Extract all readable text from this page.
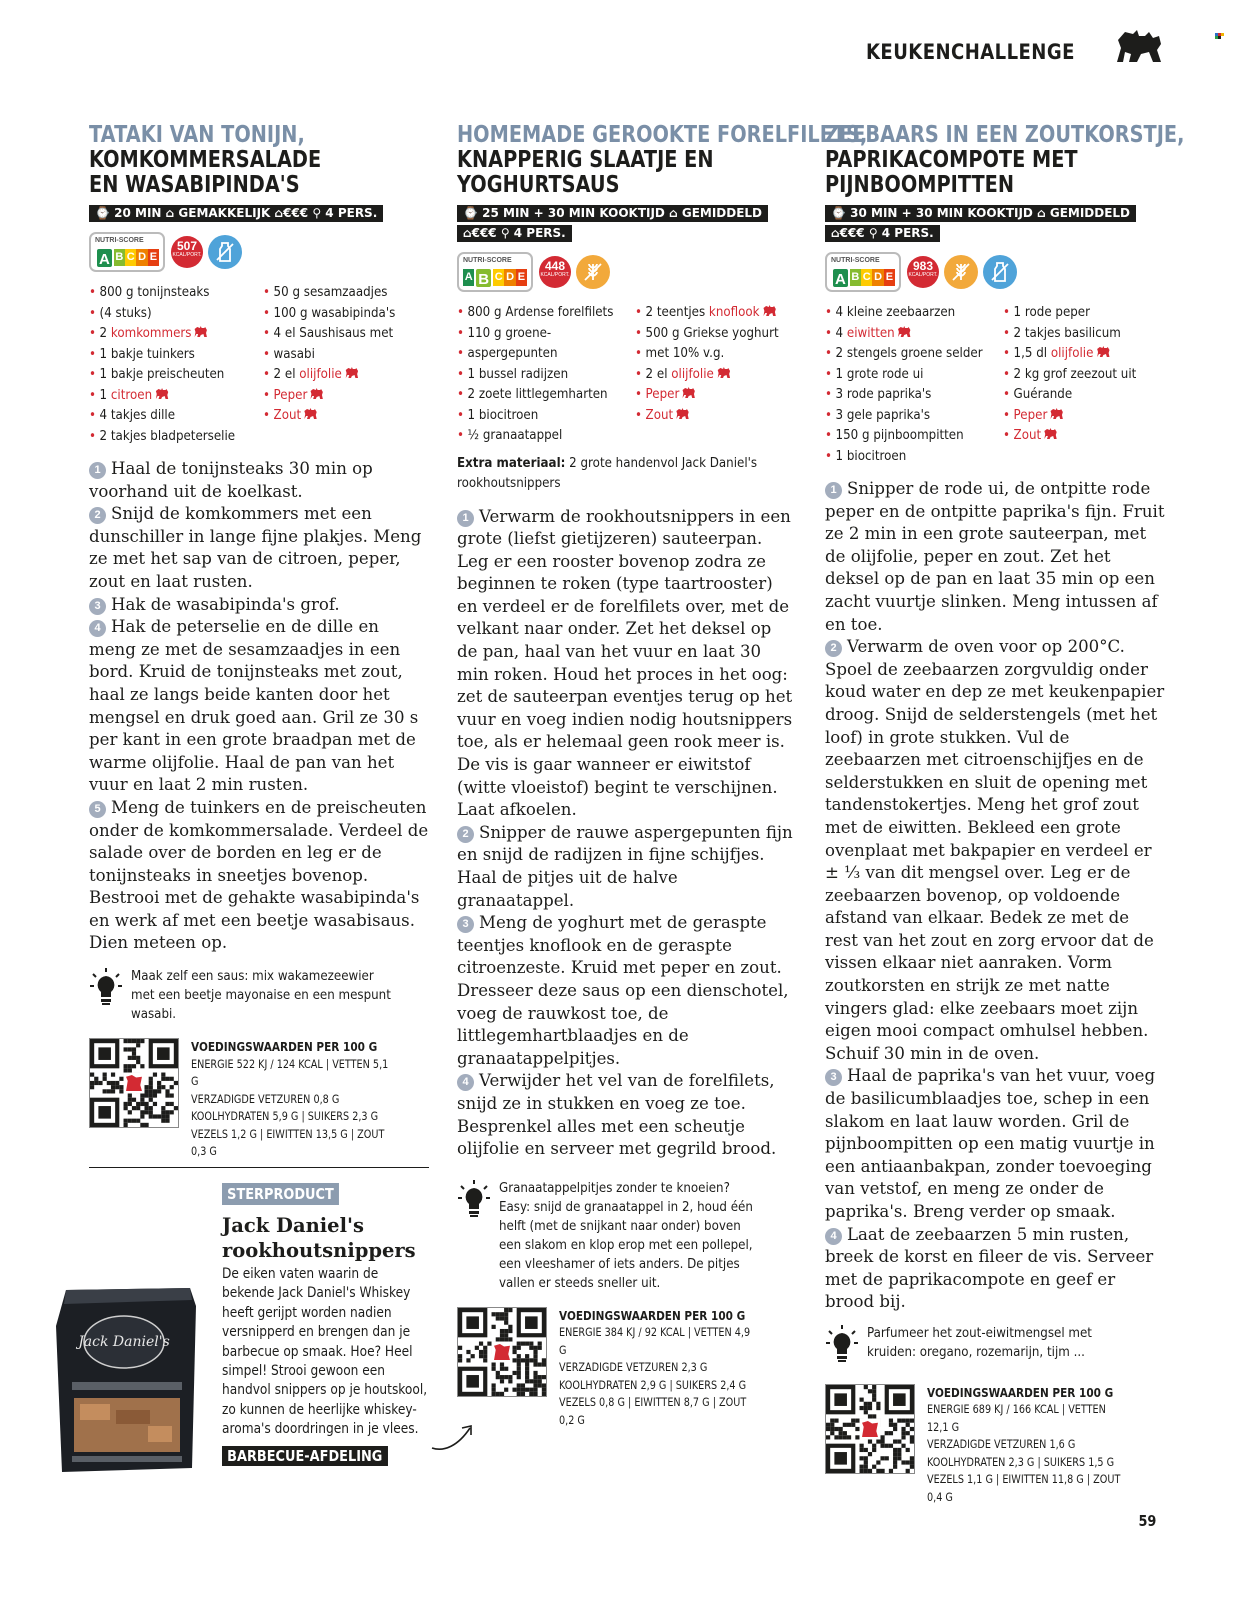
KEUKENCHALLENGE
TATAKI VAN TONIJN,
KOMKOMMERSALADE
EN WASABIPINDA'S
⌚ 20 MIN ⌂ GEMAKKELIJK ⌂€€€ ⚲ 4 PERS.
NUTRI-SCORE
A B C D E
507
KCAL/PORT.
• 800 g tonijnsteaks
• (4 stuks)
• 2 komkommers
• 1 bakje tuinkers
• 1 bakje preischeuten
• 1 citroen
• 4 takjes dille
• 2 takjes bladpeterselie
• 50 g sesamzaadjes
• 100 g wasabipinda's
• 4 el Saushisaus met
• wasabi
• 2 el olijfolie
• Peper
• Zout
1 Haal de tonijnsteaks 30 min op voorhand uit de koelkast.
2 Snijd de komkommers met een dunschiller in lange fijne plakjes. Meng ze met het sap van de citroen, peper, zout en laat rusten.
3 Hak de wasabipinda's grof.
4 Hak de peterselie en de dille en meng ze met de sesamzaadjes in een bord. Kruid de tonijnsteaks met zout, haal ze langs beide kanten door het mengsel en druk goed aan. Gril ze 30 s per kant in een grote braadpan met de warme olijfolie. Haal de pan van het vuur en laat 2 min rusten.
5 Meng de tuinkers en de preischeuten onder de komkommersalade. Verdeel de salade over de borden en leg er de tonijnsteaks in sneetjes bovenop. Bestrooi met de gehakte wasabipinda's en werk af met een beetje wasabisaus. Dien meteen op.
Maak zelf een saus: mix wakamezeewier met een beetje mayonaise en een mespunt wasabi.
VOEDINGSWAARDEN PER 100 G
ENERGIE 522 KJ / 124 KCAL | VETTEN 5,1 G
VERZADIGDE VETZUREN 0,8 G
KOOLHYDRATEN 5,9 G | SUIKERS 2,3 G
VEZELS 1,2 G | EIWITTEN 13,5 G | ZOUT 0,3 G
HOMEMADE GEROOKTE FORELFILETS,
KNAPPERIG SLAATJE EN
YOGHURTSAUS
⌚ 25 MIN + 30 MIN KOOKTIJD ⌂ GEMIDDELD
⌂€€€ ⚲ 4 PERS.
NUTRI-SCORE
A B C D E
448
KCAL/PORT.
• 800 g Ardense forelfilets
• 110 g groene-
• aspergepunten
• 1 bussel radijzen
• 2 zoete littlegemharten
• 1 biocitroen
• ½ granaatappel
• 2 teentjes knoflook
• 500 g Griekse yoghurt
• met 10% v.g.
• 2 el olijfolie
• Peper
• Zout
Extra materiaal: 2 grote handenvol Jack Daniel's rookhoutsnippers
1 Verwarm de rookhoutsnippers in een grote (liefst gietijzeren) sauteerpan. Leg er een rooster bovenop zodra ze beginnen te roken (type taartrooster) en verdeel er de forelfilets over, met de velkant naar onder. Zet het deksel op de pan, haal van het vuur en laat 30 min roken. Houd het proces in het oog: zet de sauteerpan eventjes terug op het vuur en voeg indien nodig houtsnippers toe, als er helemaal geen rook meer is. De vis is gaar wanneer er eiwitstof (witte vloeistof) begint te verschijnen. Laat afkoelen.
2 Snipper de rauwe aspergepunten fijn en snijd de radijzen in fijne schijfjes. Haal de pitjes uit de halve granaatappel.
3 Meng de yoghurt met de geraspte teentjes knoflook en de geraspte citroenzeste. Kruid met peper en zout. Dresseer deze saus op een dienschotel, voeg de rauwkost toe, de littlegemhartblaadjes en de granaatappelpitjes.
4 Verwijder het vel van de forelfilets, snijd ze in stukken en voeg ze toe. Besprenkel alles met een scheutje olijfolie en serveer met gegrild brood.
Granaatappelpitjes zonder te knoeien? Easy: snijd de granaatappel in 2, houd één helft (met de snijkant naar onder) boven een slakom en klop erop met een pollepel, een vleeshamer of iets anders. De pitjes vallen er steeds sneller uit.
VOEDINGSWAARDEN PER 100 G
ENERGIE 384 KJ / 92 KCAL | VETTEN 4,9 G
VERZADIGDE VETZUREN 2,3 G
KOOLHYDRATEN 2,9 G | SUIKERS 2,4 G
VEZELS 0,8 G | EIWITTEN 8,7 G | ZOUT 0,2 G
ZEEBAARS IN EEN ZOUTKORSTJE,
PAPRIKACOMPOTE MET
PIJNBOOMPITTEN
⌚ 30 MIN + 30 MIN KOOKTIJD ⌂ GEMIDDELD
⌂€€€ ⚲ 4 PERS.
NUTRI-SCORE
A B C D E
983
KCAL/PORT.
• 4 kleine zeebaarzen
• 4 eiwitten
• 2 stengels groene selder
• 1 grote rode ui
• 3 rode paprika's
• 3 gele paprika's
• 150 g pijnboompitten
• 1 biocitroen
• 1 rode peper
• 2 takjes basilicum
• 1,5 dl olijfolie
• 2 kg grof zeezout uit
• Guérande
• Peper
• Zout
1 Snipper de rode ui, de ontpitte rode peper en de ontpitte paprika's fijn. Fruit ze 2 min in een grote sauteerpan, met de olijfolie, peper en zout. Zet het deksel op de pan en laat 35 min op een zacht vuurtje slinken. Meng intussen af en toe.
2 Verwarm de oven voor op 200°C. Spoel de zeebaarzen zorgvuldig onder koud water en dep ze met keukenpapier droog. Snijd de selderstengels (met het loof) in grote stukken. Vul de zeebaarzen met citroenschijfjes en de selderstukken en sluit de opening met tandenstokertjes. Meng het grof zout met de eiwitten. Bekleed een grote ovenplaat met bakpapier en verdeel er ± ⅓ van dit mengsel over. Leg er de zeebaarzen bovenop, op voldoende afstand van elkaar. Bedek ze met de rest van het zout en zorg ervoor dat de vissen elkaar niet aanraken. Vorm zoutkorsten en strijk ze met natte vingers glad: elke zeebaars moet zijn eigen mooi compact omhulsel hebben. Schuif 30 min in de oven.
3 Haal de paprika's van het vuur, voeg de basilicumblaadjes toe, schep in een slakom en laat lauw worden. Gril de pijnboompitten op een matig vuurtje in een antiaanbakpan, zonder toevoeging van vetstof, en meng ze onder de paprika's. Breng verder op smaak.
4 Laat de zeebaarzen 5 min rusten, breek de korst en fileer de vis. Serveer met de paprikacompote en geef er brood bij.
Parfumeer het zout-eiwitmengsel met kruiden: oregano, rozemarijn, tijm ...
VOEDINGSWAARDEN PER 100 G
ENERGIE 689 KJ / 166 KCAL | VETTEN 12,1 G
VERZADIGDE VETZUREN 1,6 G
KOOLHYDRATEN 2,3 G | SUIKERS 1,5 G
VEZELS 1,1 G | EIWITTEN 11,8 G | ZOUT 0,4 G
Jack Daniel's
STERPRODUCT
Jack Daniel's
rookhoutsnippers
De eiken vaten waarin de bekende Jack Daniel's Whiskey heeft gerijpt worden nadien versnipperd en brengen dan je barbecue op smaak. Hoe? Heel simpel! Strooi gewoon een handvol snippers op je houtskool, zo kunnen de heerlijke whiskey-aroma's doordringen in je vlees.
BARBECUE-AFDELING
59
